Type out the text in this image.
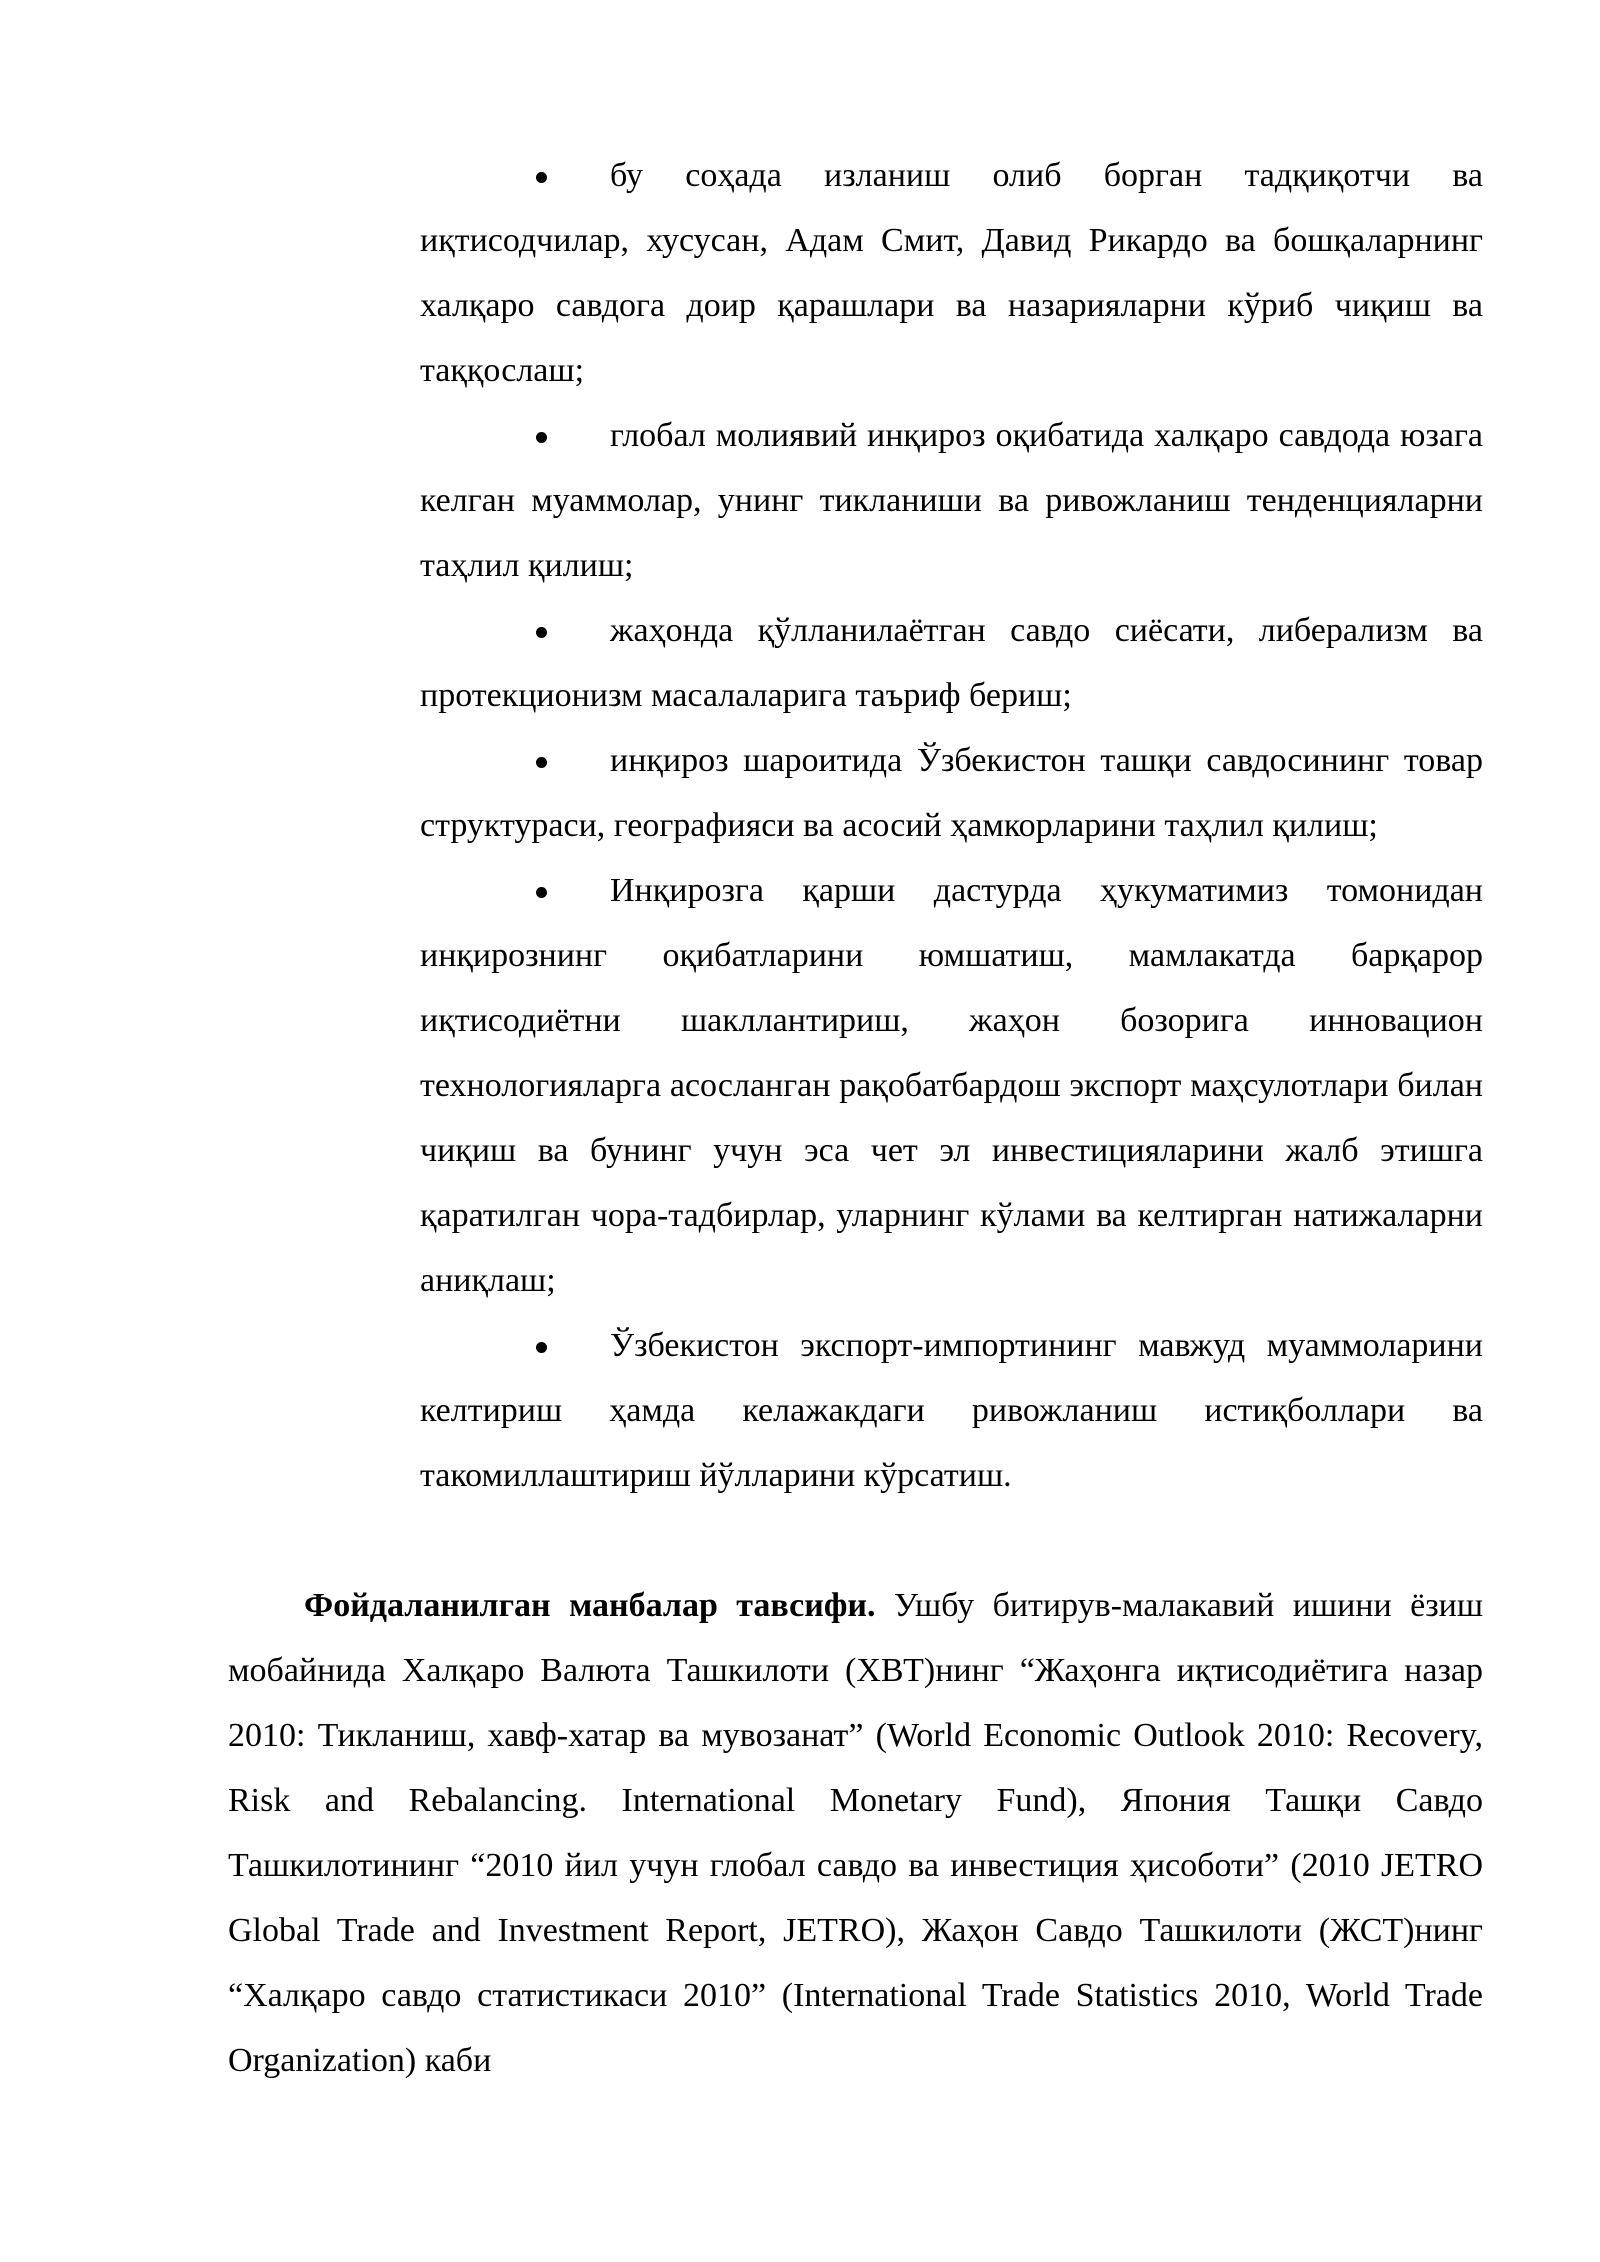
бу соҳада изланиш олиб борган тадқиқотчи ва иқтисодчилар, хусусан, Адам Смит, Давид Рикардо ва бошқаларнинг халқаро савдога доир қарашлари ва назарияларни кўриб чиқиш ва таққослаш;
глобал молиявий инқироз оқибатида халқаро савдода юзага келган муаммолар, унинг тикланиши ва ривожланиш тенденцияларни таҳлил қилиш;
жаҳонда қўлланилаётган савдо сиёсати, либерализм ва протекционизм масалаларига таъриф бериш;
инқироз шароитида Ўзбекистон ташқи савдосининг товар структураси, географияси ва асосий ҳамкорларини таҳлил қилиш;
Инқирозга қарши дастурда ҳукуматимиз томонидан инқирознинг оқибатларини юмшатиш, мамлакатда барқарор иқтисодиётни шакллантириш, жаҳон бозорига инновацион технологияларга асосланган рақобатбардош экспорт маҳсулотлари билан чиқиш ва бунинг учун эса чет эл инвестицияларини жалб этишга қаратилган чора-тадбирлар, уларнинг кўлами ва келтирган натижаларни аниқлаш;
Ўзбекистон экспорт-импортининг мавжуд муаммоларини келтириш ҳамда келажакдаги ривожланиш истиқболлари ва такомиллаштириш йўлларини кўрсатиш.

Фойдаланилган манбалар тавсифи. Ушбу битирув-малакавий ишини ёзиш мобайнида Халқаро Валюта Ташкилоти (ХВТ)нинг “Жаҳонга иқтисодиётига назар 2010: Тикланиш, хавф-хатар ва мувозанат” (World Economic Outlook 2010: Recovery, Risk and Rebalancing. International Monetary Fund), Япония Ташқи Савдо Ташкилотининг “2010 йил учун глобал савдо ва инвестиция ҳисоботи” (2010 JETRO Global Trade and Investment Report, JETRO), Жаҳон Савдо Ташкилоти (ЖСТ)нинг “Халқаро савдо статистикаси 2010” (International Trade Statistics 2010, World Trade Organization) каби
